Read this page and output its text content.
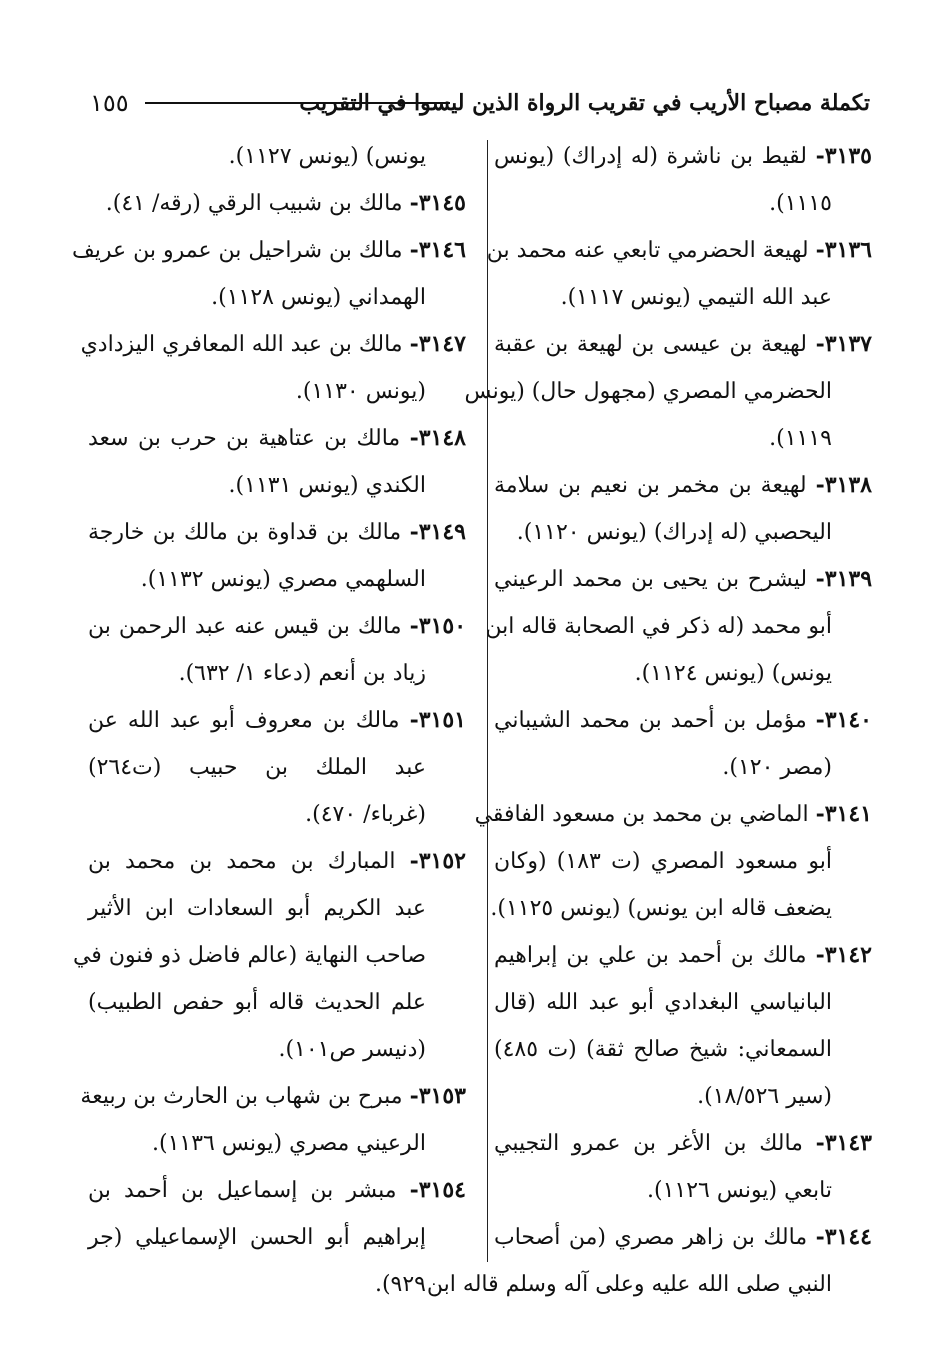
تكملة مصباح الأريب في تقريب الرواة الذين ليسوا في التقريب
١٥٥
٣١٣٥- لقيط بن ناشرة (له إدراك) (يونس
١١١٥).
٣١٣٦- لهيعة الحضرمي تابعي عنه محمد بن
عبد الله التيمي (يونس ١١١٧).
٣١٣٧- لهيعة بن عيسى بن لهيعة بن عقبة
الحضرمي المصري (مجهول حال) (يونس
١١١٩).
٣١٣٨- لهيعة بن مخمر بن نعيم بن سلامة
اليحصبي (له إدراك) (يونس ١١٢٠).
٣١٣٩- ليشرح بن يحيى بن محمد الرعيني
أبو محمد (له ذكر في الصحابة قاله ابن
يونس) (يونس ١١٢٤).
٣١٤٠- مؤمل بن أحمد بن محمد الشيباني
(مصر ١٢٠).
٣١٤١- الماضي بن محمد بن مسعود الفافقي
أبو مسعود المصري (ت ١٨٣) (وكان
يضعف قاله ابن يونس) (يونس ١١٢٥).
٣١٤٢- مالك بن أحمد بن علي بن إبراهيم
البانياسي البغدادي أبو عبد الله (قال
السمعاني: شيخ صالح ثقة) (ت ٤٨٥)
(سير ١٨/٥٢٦).
٣١٤٣- مالك بن الأغر بن عمرو التجيبي
تابعي (يونس ١١٢٦).
٣١٤٤- مالك بن زاهر مصري (من أصحاب
النبي صلى الله عليه وعلى آله وسلم قاله ابن
يونس) (يونس ١١٢٧).
٣١٤٥- مالك بن شبيب الرقي (رقه/ ٤١).
٣١٤٦- مالك بن شراحيل بن عمرو بن عريف
الهمداني (يونس ١١٢٨).
٣١٤٧- مالك بن عبد الله المعافري اليزدادي
(يونس ١١٣٠).
٣١٤٨- مالك بن عتاهية بن حرب بن سعد
الكندي (يونس ١١٣١).
٣١٤٩- مالك بن قداوة بن مالك بن خارجة
السلهمي مصري (يونس ١١٣٢).
٣١٥٠- مالك بن قيس عنه عبد الرحمن بن
زياد بن أنعم (دعاء ١/ ٦٣٢).
٣١٥١- مالك بن معروف أبو عبد الله عن
عبد الملك بن حبيب (ت٢٦٤)
(غرباء/ ٤٧٠).
٣١٥٢- المبارك بن محمد بن محمد بن
عبد الكريم أبو السعادات ابن الأثير
صاحب النهاية (عالم فاضل ذو فنون في
علم الحديث قاله أبو حفص الطبيب)
(دنيسر ص١٠١).
٣١٥٣- مبرح بن شهاب بن الحارث بن ربيعة
الرعيني مصري (يونس ١١٣٦).
٣١٥٤- مبشر بن إسماعيل بن أحمد بن
إبراهيم أبو الحسن الإسماعيلي (جر
٩٢٩).
